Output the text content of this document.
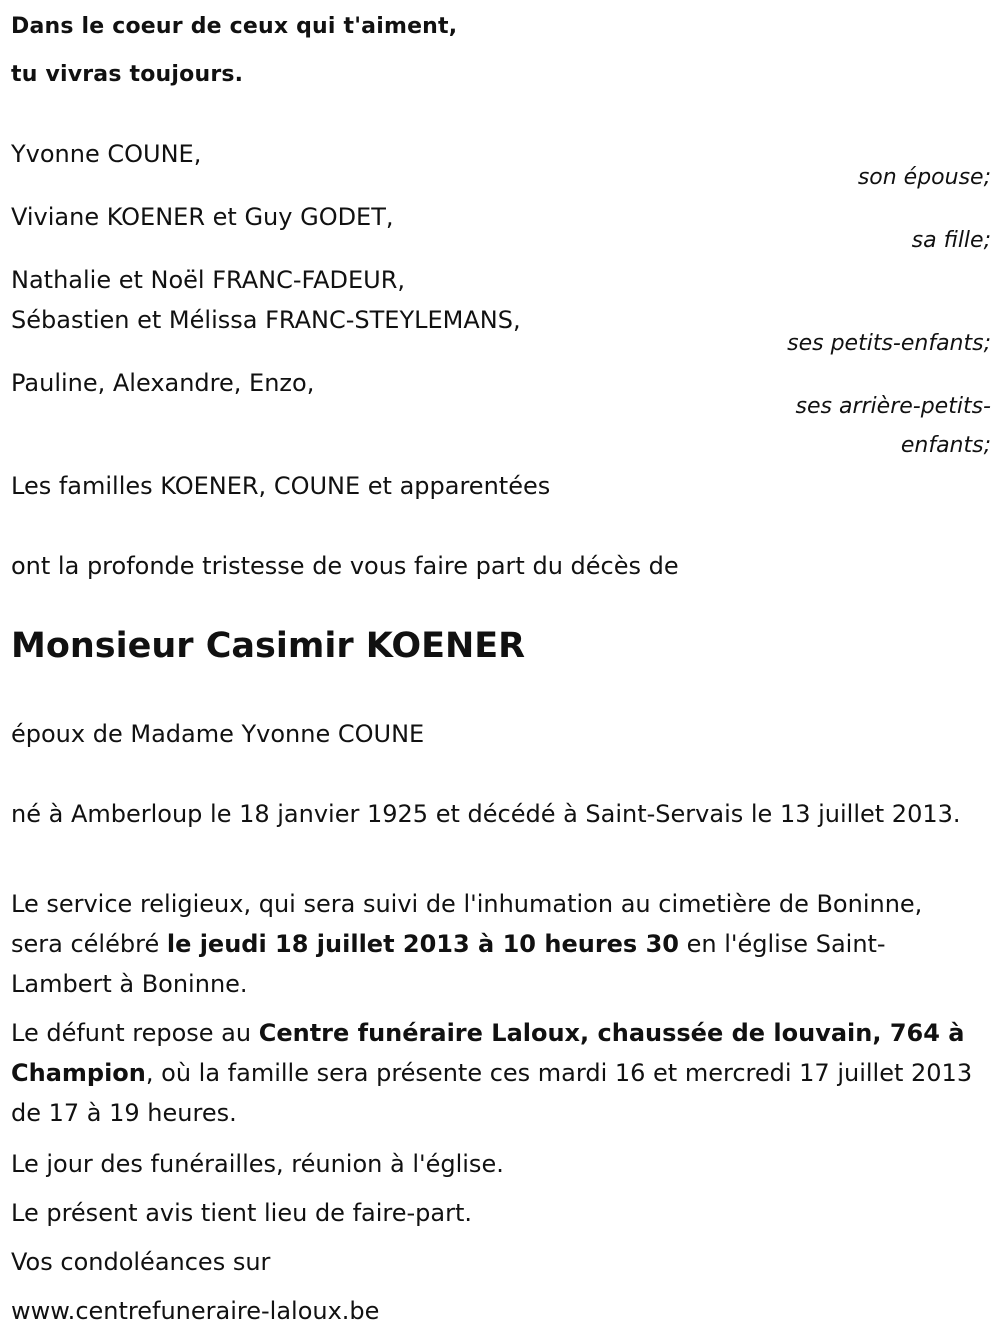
Dans le coeur de ceux qui t'aiment,

tu vivras toujours.

Yvonne COUNE,

son épouse;

Viviane KOENER et Guy GODET,

sa fille;

Nathalie et Noël FRANC-FADEUR,

Sébastien et Mélissa FRANC-STEYLEMANS,

ses petits-enfants;

Pauline, Alexandre, Enzo,

ses arrière-petits-

enfants;

Les familles KOENER, COUNE et apparentées

ont la profonde tristesse de vous faire part du décès de

Monsieur Casimir KOENER

époux de Madame Yvonne COUNE

né à Amberloup le 18 janvier 1925 et décédé à Saint-Servais le 13 juillet 2013.

Le service religieux, qui sera suivi de l'inhumation au cimetière de Boninne, sera célébré le jeudi 18 juillet 2013 à 10 heures 30 en l'église Saint-Lambert à Boninne.

Le défunt repose au Centre funéraire Laloux, chaussée de louvain, 764 à Champion, où la famille sera présente ces mardi 16 et mercredi 17 juillet 2013 de 17 à 19 heures.

Le jour des funérailles, réunion à l'église.

Le présent avis tient lieu de faire-part.

Vos condoléances sur

www.centrefuneraire-laloux.be
